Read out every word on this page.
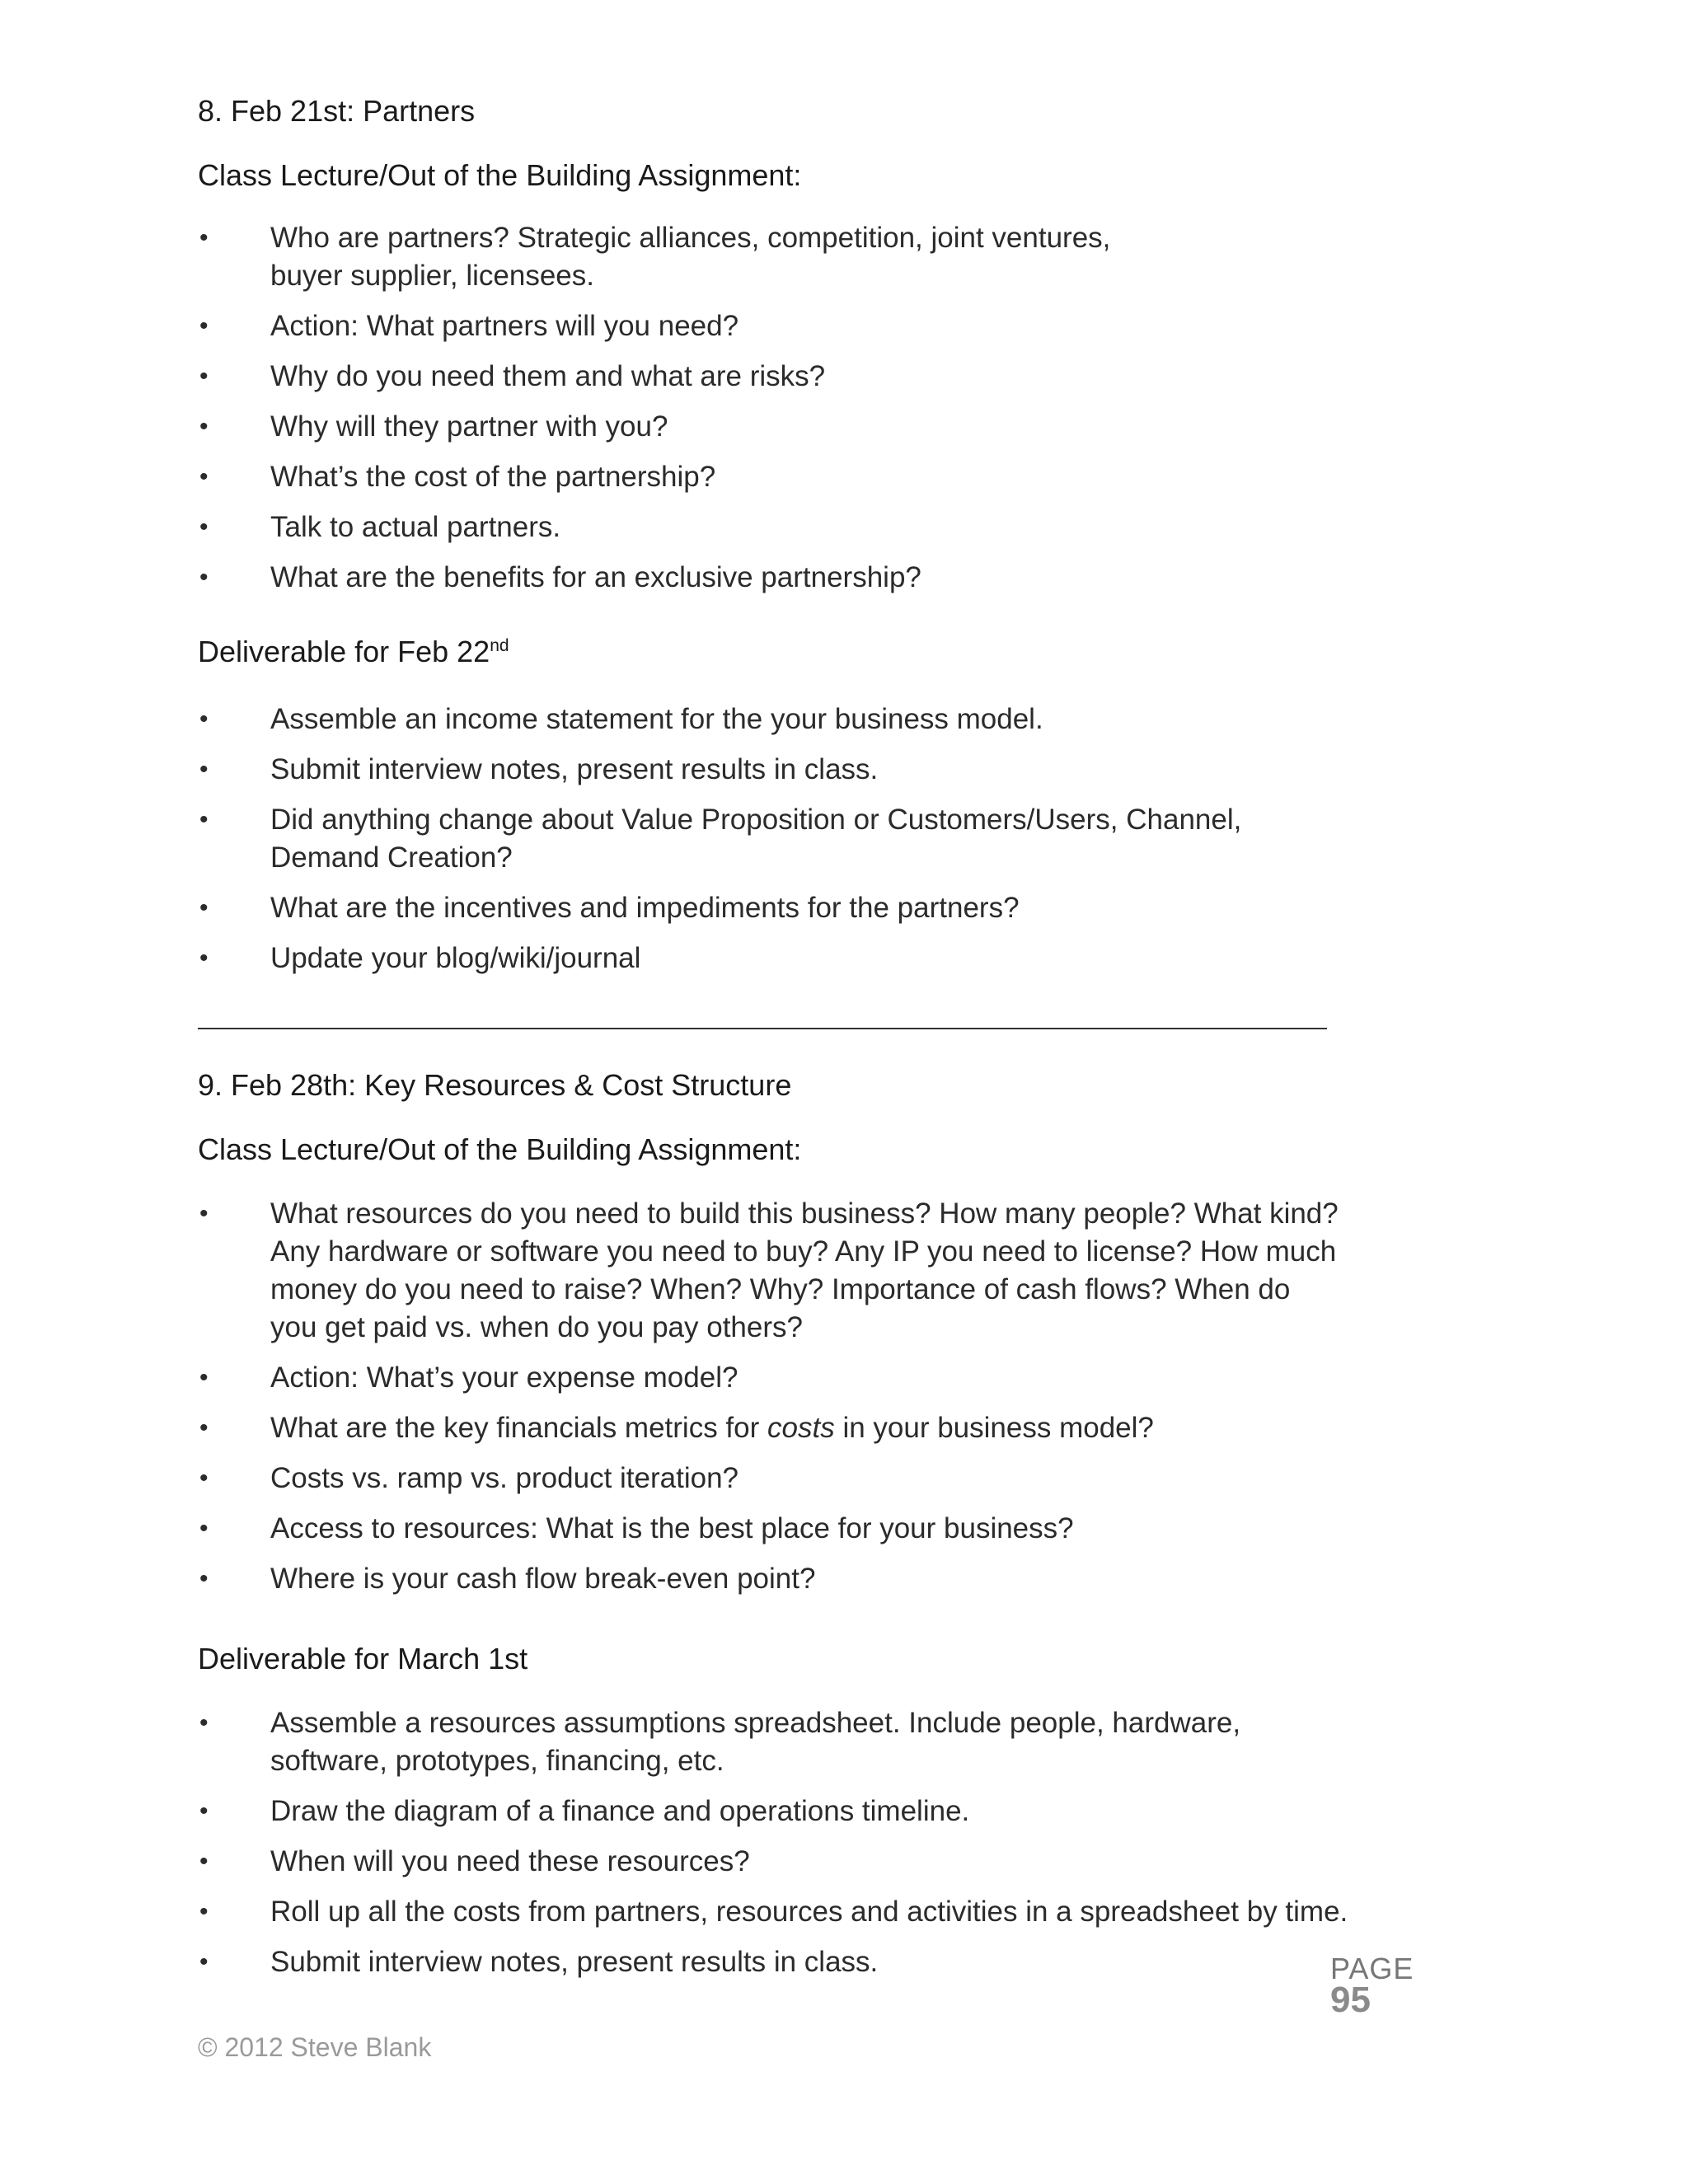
8. Feb 21st: Partners
Class Lecture/Out of the Building Assignment:
• Who are partners? Strategic alliances, competition, joint ventures, buyer supplier, licensees.
• Action: What partners will you need?
• Why do you need them and what are risks?
• Why will they partner with you?
• What’s the cost of the partnership?
• Talk to actual partners.
• What are the benefits for an exclusive partnership?
Deliverable for Feb 22nd
• Assemble an income statement for the your business model.
• Submit interview notes, present results in class.
• Did anything change about Value Proposition or Customers/Users, Channel, Demand Creation?
• What are the incentives and impediments for the partners?
• Update your blog/wiki/journal
9. Feb 28th: Key Resources & Cost Structure
Class Lecture/Out of the Building Assignment:
• What resources do you need to build this business? How many people? What kind? Any hardware or software you need to buy? Any IP you need to license? How much money do you need to raise? When? Why? Importance of cash flows? When do you get paid vs. when do you pay others?
• Action: What’s your expense model?
• What are the key financials metrics for costs in your business model?
• Costs vs. ramp vs. product iteration?
• Access to resources: What is the best place for your business?
• Where is your cash flow break-even point?
Deliverable for March 1st
• Assemble a resources assumptions spreadsheet. Include people, hardware, software, prototypes, financing, etc.
• Draw the diagram of a finance and operations timeline.
• When will you need these resources?
• Roll up all the costs from partners, resources and activities in a spreadsheet by time.
• Submit interview notes, present results in class.	PAGE
95
© 2012 Steve Blank
